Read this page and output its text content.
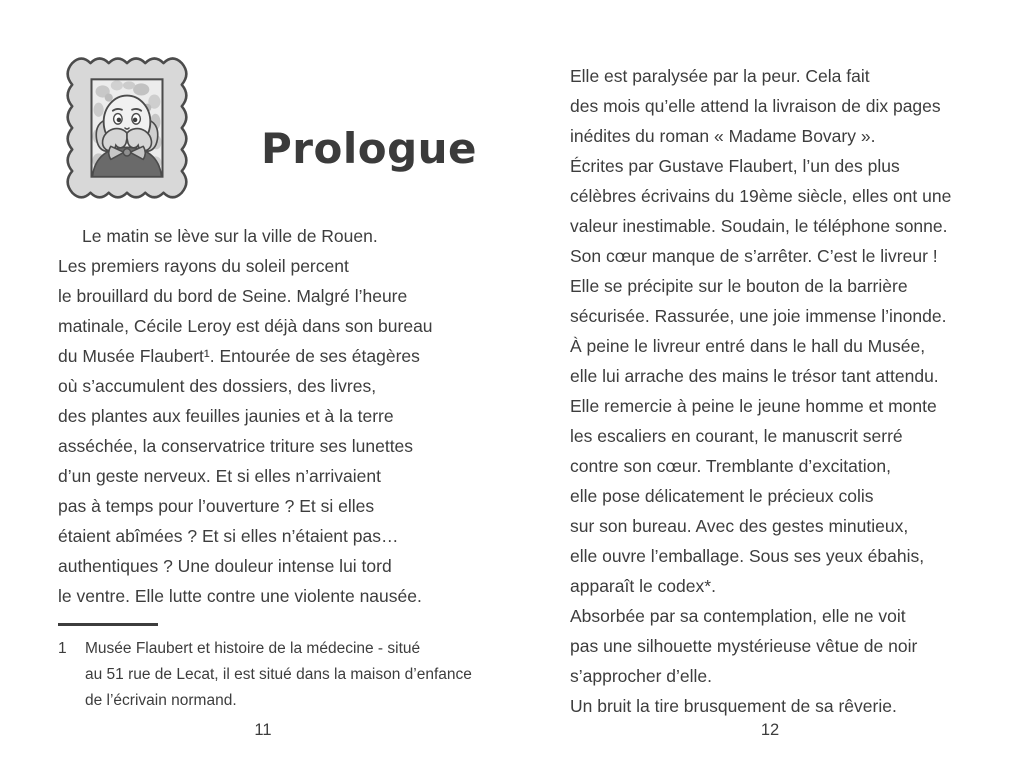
Prologue
Le matin se lève sur la ville de Rouen.
Les premiers rayons du soleil percent
le brouillard du bord de Seine. Malgré l’heure
matinale, Cécile Leroy est déjà dans son bureau
du Musée Flaubert¹. Entourée de ses étagères
où s’accumulent des dossiers, des livres,
des plantes aux feuilles jaunies et à la terre
asséchée, la conservatrice triture ses lunettes
d’un geste nerveux. Et si elles n’arrivaient
pas à temps pour l’ouverture ? Et si elles
étaient abîmées ? Et si elles n’étaient pas…
authentiques ? Une douleur intense lui tord
le ventre. Elle lutte contre une violente nausée.
1	Musée Flaubert et histoire de la médecine - situé
au 51 rue de Lecat, il est situé dans la maison d’enfance
de l’écrivain normand.
11
Elle est paralysée par la peur. Cela fait
des mois qu’elle attend la livraison de dix pages
inédites du roman « Madame Bovary ».
Écrites par Gustave Flaubert, l’un des plus
célèbres écrivains du 19ème siècle, elles ont une
valeur inestimable. Soudain, le téléphone sonne.
Son cœur manque de s’arrêter. C’est le livreur !
Elle se précipite sur le bouton de la barrière
sécurisée. Rassurée, une joie immense l’inonde.
À peine le livreur entré dans le hall du Musée,
elle lui arrache des mains le trésor tant attendu.
Elle remercie à peine le jeune homme et monte
les escaliers en courant, le manuscrit serré
contre son cœur. Tremblante d’excitation,
elle pose délicatement le précieux colis
sur son bureau. Avec des gestes minutieux,
elle ouvre l’emballage. Sous ses yeux ébahis,
apparaît le codex*.
Absorbée par sa contemplation, elle ne voit
pas une silhouette mystérieuse vêtue de noir
s’approcher d’elle.
Un bruit la tire brusquement de sa rêverie.
12
